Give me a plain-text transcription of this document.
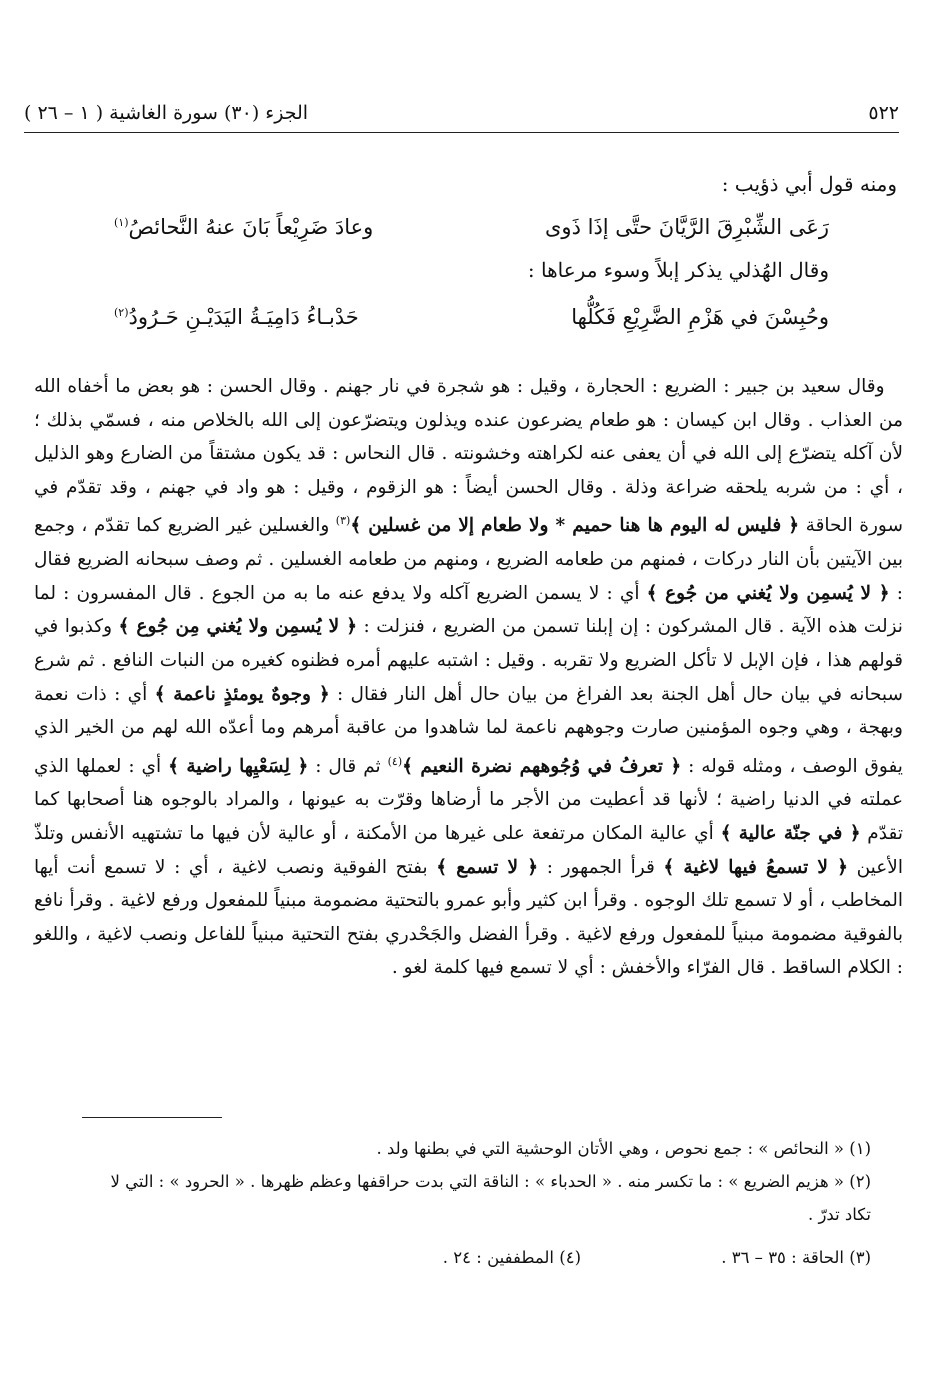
٥٢٢
الجزء (٣٠) سورة الغاشية ( ١ – ٢٦ )
ومنه قول أبي ذؤيب :
رَعَى الشِّبْرِقَ الرَّيَّانَ حتَّى إذَا ذَوى
وعادَ ضَرِيْعاً بَانَ عنهُ النَّحائصُ$^{(١)}$
وقال الهُذلي يذكر إبلاً وسوء مرعاها :
وحُبِسْنَ في هَزْمِ الضَّرِيْعِ فَكُلُّها
حَدْبـاءُ دَامِيَـةُ اليَدَيْـنِ حَـرُودُ$^{(٢)}$

 وقال سعيد بن جبير : الضريع : الحجارة ، وقيل : هو شجرة في نار جهنم . وقال الحسن : هو بعض ما أخفاه الله من العذاب . وقال ابن كيسان : هو طعام يضرعون عنده ويذلون ويتضرّعون إلى الله بالخلاص منه ، فسمّي بذلك ؛ لأن آكله يتضرّع إلى الله في أن يعفى عنه لكراهته وخشونته . قال النحاس : قد يكون مشتقاً من الضارع وهو الذليل ، أي : من شربه يلحقه ضراعة وذلة . وقال الحسن أيضاً : هو الزقوم ، وقيل : هو واد في جهنم ، وقد تقدّم في سورة الحاقة ﴿ فليس له اليوم ها هنا حميم * ولا طعام إلا من غسلين ﴾$^{(٣)}$ والغسلين غير الضريع كما تقدّم ، وجمع بين الآيتين بأن النار دركات ، فمنهم من طعامه الضريع ، ومنهم من طعامه الغسلين . ثم وصف سبحانه الضريع فقال : ﴿ لا يُسمِن ولا يُغني من جُوع ﴾ أي : لا يسمن الضريع آكله ولا يدفع عنه ما به من الجوع . قال المفسرون : لما نزلت هذه الآية . قال المشركون : إن إبلنا تسمن من الضريع ، فنزلت : ﴿ لا يُسمِن ولا يُغني مِن جُوع ﴾ وكذبوا في قولهم هذا ، فإن الإبل لا تأكل الضريع ولا تقربه . وقيل : اشتبه عليهم أمره فظنوه كغيره من النبات النافع . ثم شرع سبحانه في بيان حال أهل الجنة بعد الفراغ من بيان حال أهل النار فقال : ﴿ وجوهٌ يومئذٍ ناعمة ﴾ أي : ذات نعمة وبهجة ، وهي وجوه المؤمنين صارت وجوههم ناعمة لما شاهدوا من عاقبة أمرهم وما أعدّه الله لهم من الخير الذي يفوق الوصف ، ومثله قوله : ﴿ تعرفُ في وُجُوههم نضرة النعيم ﴾$^{(٤)}$ ثم قال : ﴿ لِسَعْيِها راضية ﴾ أي : لعملها الذي عملته في الدنيا راضية ؛ لأنها قد أعطيت من الأجر ما أرضاها وقرّت به عيونها ، والمراد بالوجوه هنا أصحابها كما تقدّم ﴿ في جنّة عالية ﴾ أي عالية المكان مرتفعة على غيرها من الأمكنة ، أو عالية لأن فيها ما تشتهيه الأنفس وتلذّ الأعين ﴿ لا تسمعُ فيها لاغية ﴾ قرأ الجمهور : ﴿ لا تسمع ﴾ بفتح الفوقية ونصب لاغية ، أي : لا تسمع أنت أيها المخاطب ، أو لا تسمع تلك الوجوه . وقرأ ابن كثير وأبو عمرو بالتحتية مضمومة مبنياً للمفعول ورفع لاغية . وقرأ نافع بالفوقية مضمومة مبنياً للمفعول ورفع لاغية . وقرأ الفضل والجَحْدري بفتح التحتية مبنياً للفاعل ونصب لاغية ، واللغو : الكلام الساقط . قال الفرّاء والأخفش : أي لا تسمع فيها كلمة لغو .

(١) « النحائص » : جمع نحوص ، وهي الأتان الوحشية التي في بطنها ولد .

(٢) « هزيم الضريع » : ما تكسر منه . « الحدباء » : الناقة التي بدت حراقفها وعظم ظهرها . « الحرود » : التي لا تكاد تدرّ .

(٣) الحاقة : ٣٥ – ٣٦ .
(٤) المطففين : ٢٤ .
